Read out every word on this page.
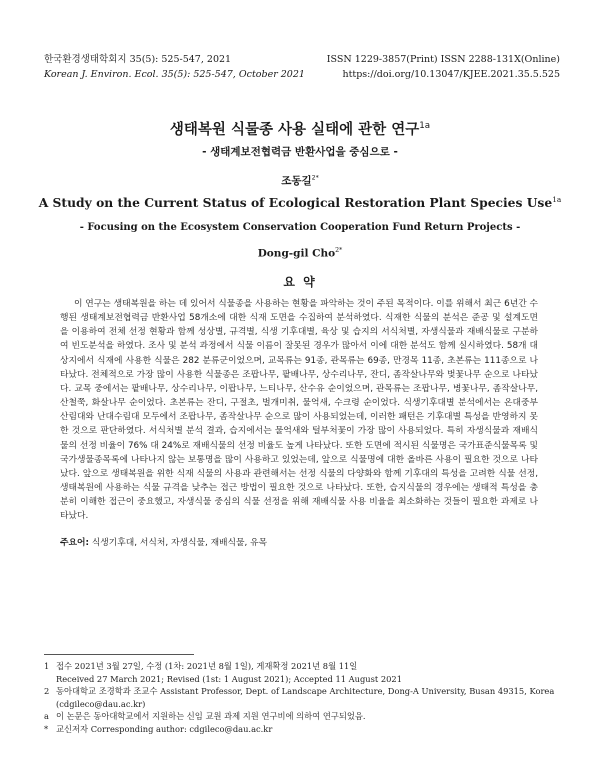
한국환경생태학회지 35(5): 525-547, 2021
Korean J. Environ. Ecol. 35(5): 525-547, October 2021
ISSN 1229-3857(Print) ISSN 2288-131X(Online)
https://doi.org/10.13047/KJEE.2021.35.5.525
생태복원 식물종 사용 실태에 관한 연구$^{1a}$
- 생태계보전협력금 반환사업을 중심으로 -
조동길$^{2*}$
A Study on the Current Status of Ecological Restoration Plant Species Use$^{1a}$
- Focusing on the Ecosystem Conservation Cooperation Fund Return Projects -
Dong-gil Cho$^{2*}$
요 약
이 연구는 생태복원을 하는 데 있어서 식물종을 사용하는 현황을 파악하는 것이 주된 목적이다. 이를 위해서 최근 6년간 수행된 생태계보전협력금 반환사업 58개소에 대한 식재 도면을 수집하여 분석하였다. 식재한 식물의 분석은 준공 및 설계도면을 이용하여 전체 선정 현황과 함께 성상별, 규격별, 식생 기후대별, 육상 및 습지의 서식처별, 자생식물과 재배식물로 구분하여 빈도분석을 하였다. 조사 및 분석 과정에서 식물 이름이 잘못된 경우가 많아서 이에 대한 분석도 함께 실시하였다. 58개 대상지에서 식재에 사용한 식물은 282 분류군이었으며, 교목류는 91종, 관목류는 69종, 만경목 11종, 초본류는 111종으로 나타났다. 전체적으로 가장 많이 사용한 식물종은 조팝나무, 팥배나무, 상수리나무, 잔디, 좀작살나무와 벚꽃나무 순으로 나타났다. 교목 중에서는 팥배나무, 상수리나무, 이팝나무, 느티나무, 산수유 순이었으며, 관목류는 조팝나무, 병꽃나무, 좀작살나무, 산철쭉, 화살나무 순이었다. 초본류는 잔디, 구절초, 벌개미취, 물억새, 수크령 순이었다. 식생기후대별 분석에서는 온대중부산림대와 난대수림대 모두에서 조팝나무, 좀작살나무 순으로 많이 사용되었는데, 이러한 패턴은 기후대별 특성을 반영하지 못한 것으로 판단하였다. 서식처별 분석 결과, 습지에서는 물억새와 털부처꽃이 가장 많이 사용되었다. 특히 자생식물과 재배식물의 선정 비율이 76% 대 24%로 재배식물의 선정 비율도 높게 나타났다. 또한 도면에 적시된 식물명은 국가표준식물목록 및 국가생물종목록에 나타나지 않는 보통명을 많이 사용하고 있었는데, 앞으로 식물명에 대한 올바른 사용이 필요한 것으로 나타났다. 앞으로 생태복원을 위한 식재 식물의 사용과 관련해서는 선정 식물의 다양화와 함께 기후대의 특성을 고려한 식물 선정, 생태복원에 사용하는 식물 규격을 낮추는 접근 방법이 필요한 것으로 나타났다. 또한, 습지식물의 경우에는 생태적 특성을 충분히 이해한 접근이 중요했고, 자생식물 중심의 식물 선정을 위해 재배식물 사용 비율을 최소화하는 것들이 필요한 과제로 나타났다.
주요어: 식생기후대, 서식처, 자생식물, 재배식물, 유목
1 접수 2021년 3월 27일, 수정 (1차: 2021년 8월 1일), 게재확정 2021년 8월 11일
Received 27 March 2021; Revised (1st: 1 August 2021); Accepted 11 August 2021
2 동아대학교 조경학과 조교수 Assistant Professor, Dept. of Landscape Architecture, Dong-A University, Busan 49315, Korea (cdgileco@dau.ac.kr)
a 이 논문은 동아대학교에서 지원하는 신임 교원 과제 지원 연구비에 의하여 연구되었음.
* 교신저자 Corresponding author: cdgileco@dau.ac.kr
